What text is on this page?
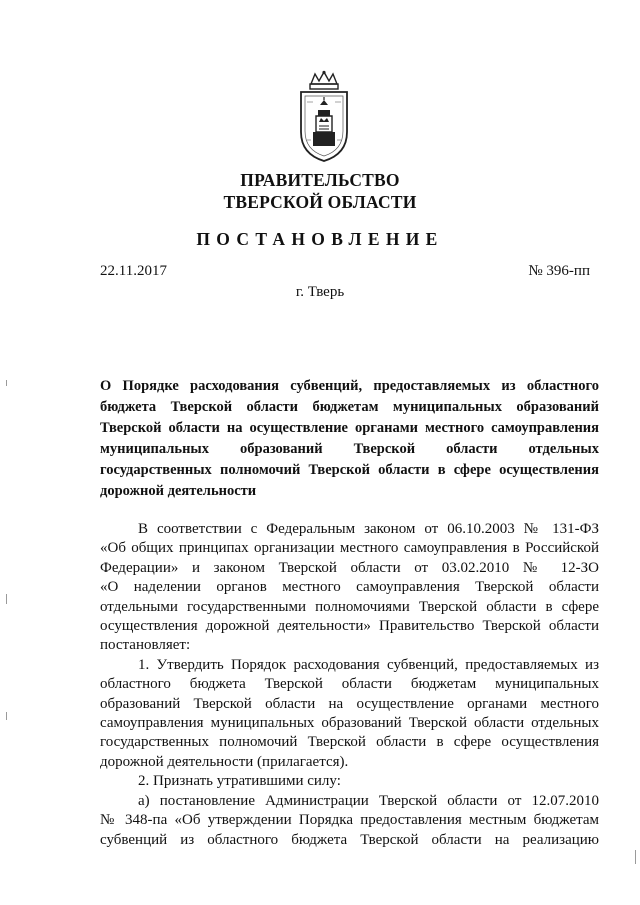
ПРАВИТЕЛЬСТВО
ТВЕРСКОЙ ОБЛАСТИ
ПОСТАНОВЛЕНИЕ
22.11.2017	№ 396-пп
г. Тверь
О Порядке расходования субвенций, предоставляемых из областного
бюджета Тверской области бюджетам муниципальных образований
Тверской области на осуществление органами местного самоуправления
муниципальных образований Тверской области отдельных
государственных полномочий Тверской области в сфере осуществления
дорожной деятельности
В соответствии с Федеральным законом от 06.10.2003 № 131-ФЗ
«Об общих принципах организации местного самоуправления в Российской
Федерации» и законом Тверской области от 03.02.2010 № 12-ЗО
«О наделении органов местного самоуправления Тверской области
отдельными государственными полномочиями Тверской области в сфере
осуществления дорожной деятельности» Правительство Тверской области
постановляет:
1. Утвердить Порядок расходования субвенций, предоставляемых из
областного бюджета Тверской области бюджетам муниципальных
образований Тверской области на осуществление органами местного
самоуправления муниципальных образований Тверской области отдельных
государственных полномочий Тверской области в сфере осуществления
дорожной деятельности (прилагается).
2. Признать утратившими силу:
а) постановление Администрации Тверской области от 12.07.2010
№ 348-па «Об утверждении Порядка предоставления местным бюджетам
субвенций из областного бюджета Тверской области на реализацию
